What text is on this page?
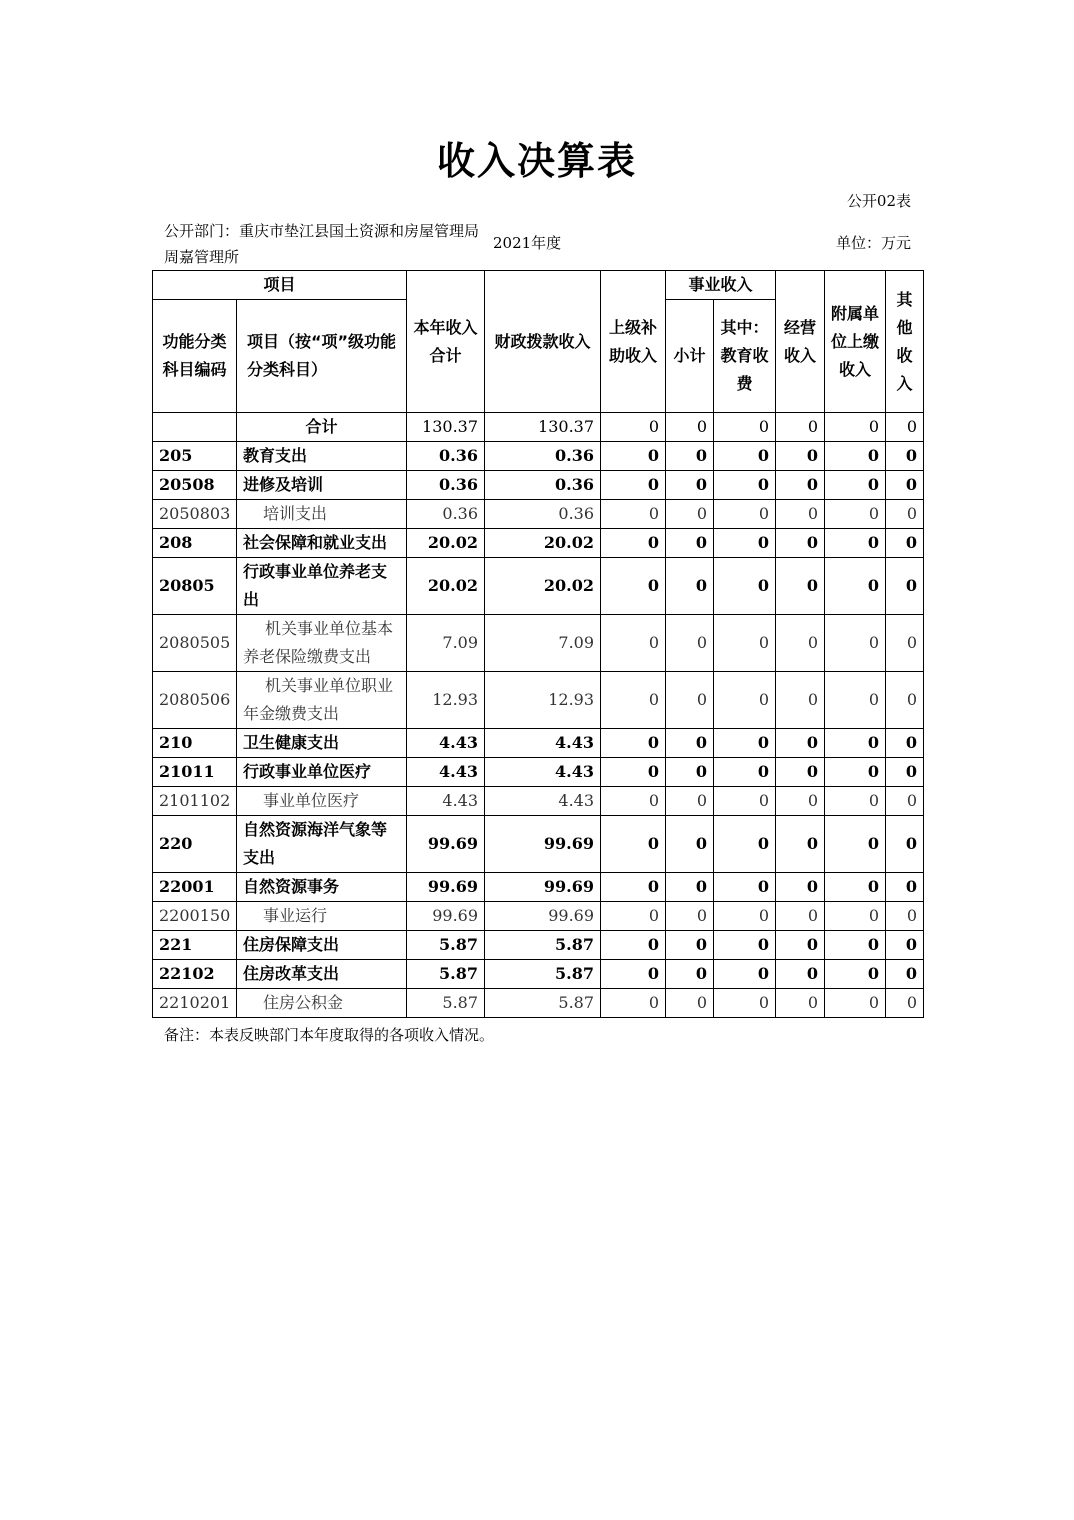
收入决算表
公开02表
公开部门：重庆市垫江县国土资源和房屋管理局周嘉管理所
2021年度	单位：万元
项目		本年收入合计	财政拨款收入	上级补助收入	事业收入		经营收入	附属单位上缴收入	其他收入
功能分类科目编码	项目（按“项”级功能分类科目）				小计	其中：教育收费			

	合计	130.37	130.37	0	0	0	0	0	0
205	教育支出	0.36	0.36	0	0	0	0	0	0
20508	进修及培训	0.36	0.36	0	0	0	0	0	0
2050803	培训支出	0.36	0.36	0	0	0	0	0	0
208	社会保障和就业支出	20.02	20.02	0	0	0	0	0	0
20805	行政事业单位养老支出	20.02	20.02	0	0	0	0	0	0
2080505	机关事业单位基本养老保险缴费支出	7.09	7.09	0	0	0	0	0	0
2080506	机关事业单位职业年金缴费支出	12.93	12.93	0	0	0	0	0	0
210	卫生健康支出	4.43	4.43	0	0	0	0	0	0
21011	行政事业单位医疗	4.43	4.43	0	0	0	0	0	0
2101102	事业单位医疗	4.43	4.43	0	0	0	0	0	0
220	自然资源海洋气象等支出	99.69	99.69	0	0	0	0	0	0
22001	自然资源事务	99.69	99.69	0	0	0	0	0	0
2200150	事业运行	99.69	99.69	0	0	0	0	0	0
221	住房保障支出	5.87	5.87	0	0	0	0	0	0
22102	住房改革支出	5.87	5.87	0	0	0	0	0	0
2210201	住房公积金	5.87	5.87	0	0	0	0	0	0
备注：本表反映部门本年度取得的各项收入情况。
